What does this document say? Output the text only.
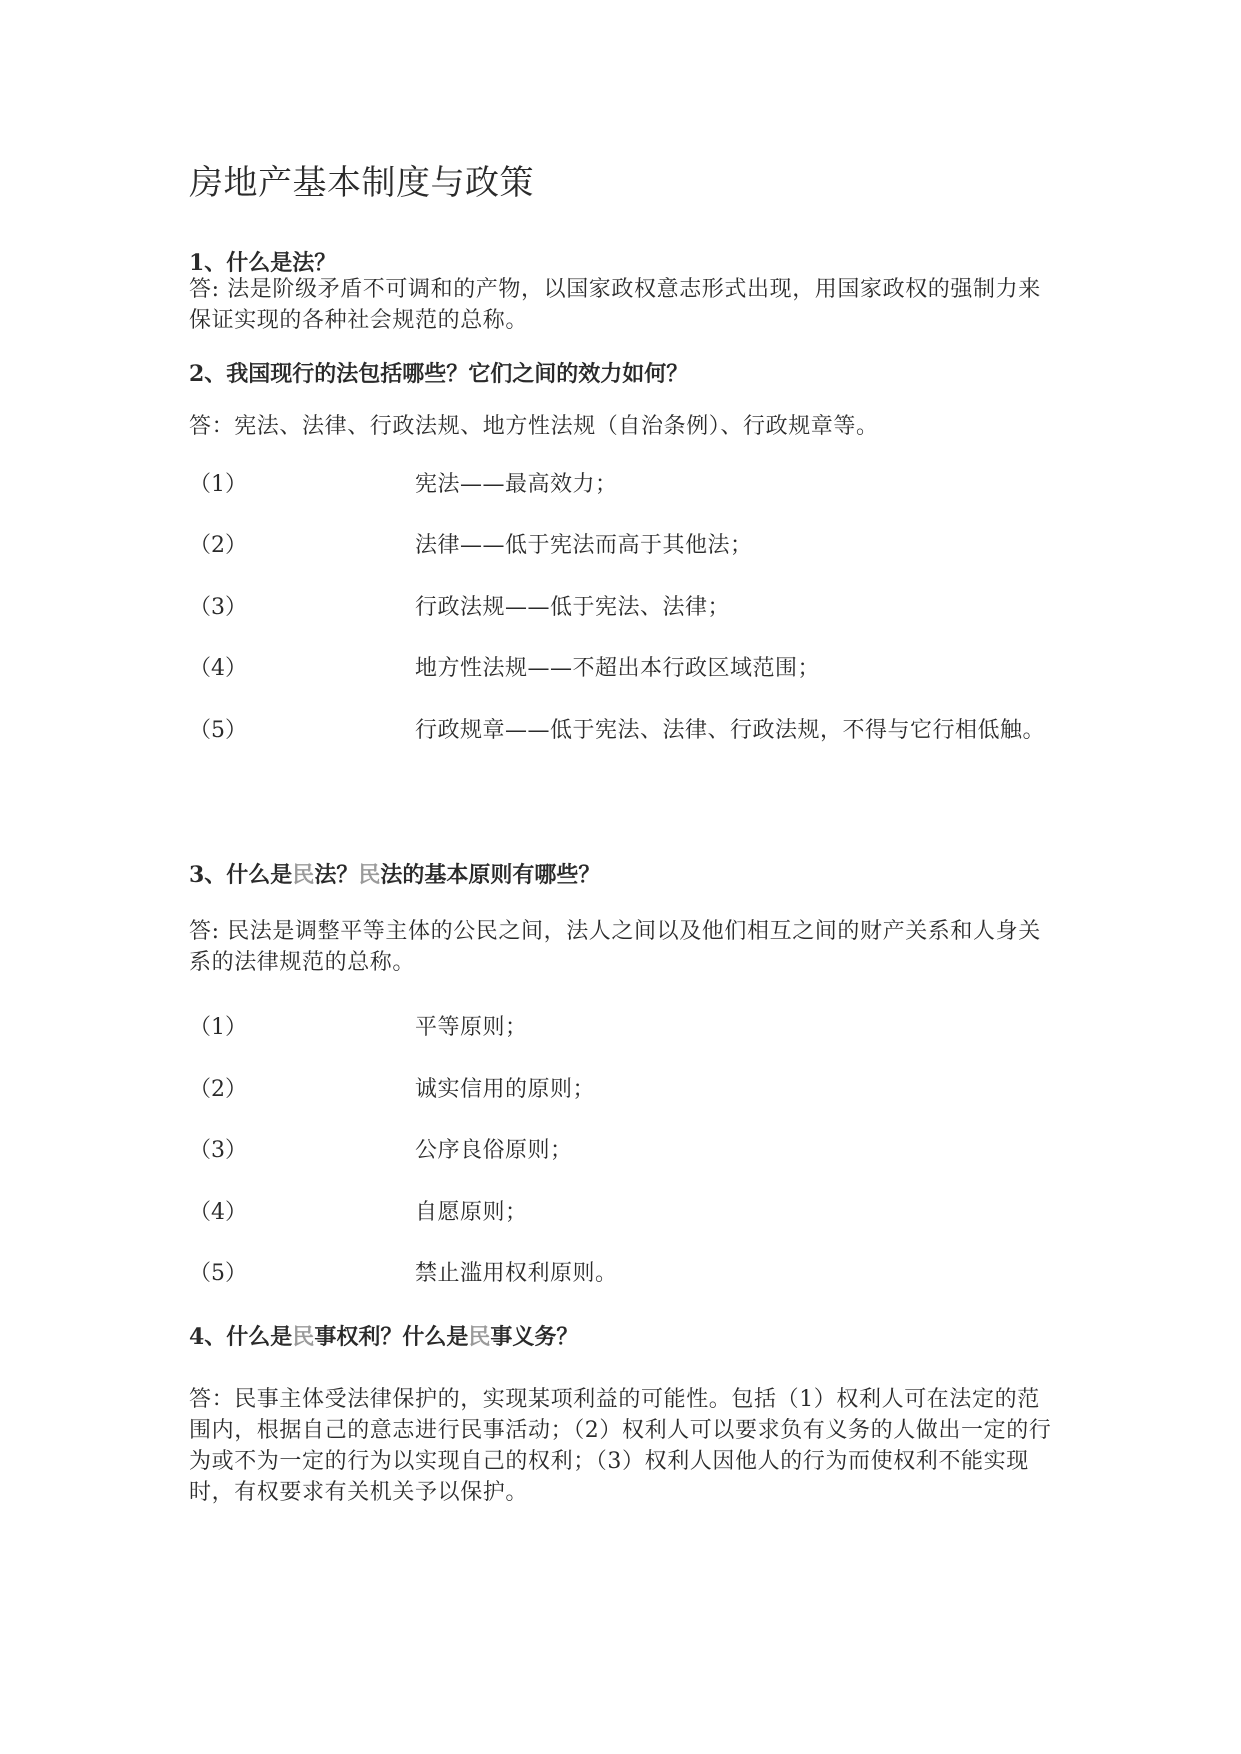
房地产基本制度与政策

1、什么是法？

答: 法是阶级矛盾不可调和的产物，以国家政权意志形式出现，用国家政权的强制力来保证实现的各种社会规范的总称。

2、我国现行的法包括哪些？它们之间的效力如何？

答：宪法、法律、行政法规、地方性法规（自治条例）、行政规章等。

（1）	宪法——最高效力；

（2）	法律——低于宪法而高于其他法；

（3）	行政法规——低于宪法、法律；

（4）	地方性法规——不超出本行政区域范围；

（5）	行政规章——低于宪法、法律、行政法规，不得与它行相低触。

3、什么是民法？民法的基本原则有哪些？

答: 民法是调整平等主体的公民之间，法人之间以及他们相互之间的财产关系和人身关系的法律规范的总称。

（1）	平等原则；

（2）	诚实信用的原则；

（3）	公序良俗原则；

（4）	自愿原则；

（5）	禁止滥用权利原则。

4、什么是民事权利？什么是民事义务？

答：民事主体受法律保护的，实现某项利益的可能性。包括（1）权利人可在法定的范围内，根据自己的意志进行民事活动；（2）权利人可以要求负有义务的人做出一定的行为或不为一定的行为以实现自己的权利；（3）权利人因他人的行为而使权利不能实现时，有权要求有关机关予以保护。
